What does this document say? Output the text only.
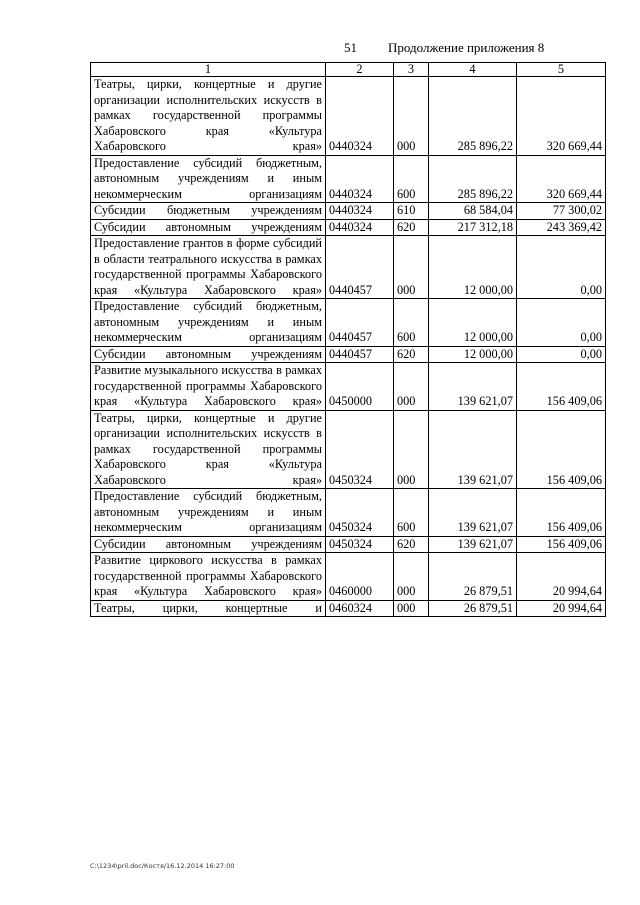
51 Продолжение приложения 8
1	2	3	4	5
Театры, цирки, концертные и другие организации исполнительских искусств в рамках государственной программы Хабаровского края «Культура Хабаровского края»	0440324	000	285 896,22	320 669,44
Предоставление субсидий бюджетным, автономным учреждениям и иным некоммерческим организациям	0440324	600	285 896,22	320 669,44
Субсидии бюджетным учреждениям	0440324	610	68 584,04	77 300,02
Субсидии автономным учреждениям	0440324	620	217 312,18	243 369,42
Предоставление грантов в форме субсидий в области театрального искусства в рамках государственной программы Хабаровского края «Культура Хабаровского края»	0440457	000	12 000,00	0,00
Предоставление субсидий бюджетным, автономным учреждениям и иным некоммерческим организациям	0440457	600	12 000,00	0,00
Субсидии автономным учреждениям	0440457	620	12 000,00	0,00
Развитие музыкального искусства в рамках государственной программы Хабаровского края «Культура Хабаровского края»	0450000	000	139 621,07	156 409,06
Театры, цирки, концертные и другие организации исполнительских искусств в рамках государственной программы Хабаровского края «Культура Хабаровского края»	0450324	000	139 621,07	156 409,06
Предоставление субсидий бюджетным, автономным учреждениям и иным некоммерческим организациям	0450324	600	139 621,07	156 409,06
Субсидии автономным учреждениям	0450324	620	139 621,07	156 409,06
Развитие циркового искусства в рамках государственной программы Хабаровского края «Культура Хабаровского края»	0460000	000	26 879,51	20 994,64
Театры, цирки, концертные и	0460324	000	26 879,51	20 994,64
C:\1234\pril.doc/Костя/16.12.2014 16:27:00
